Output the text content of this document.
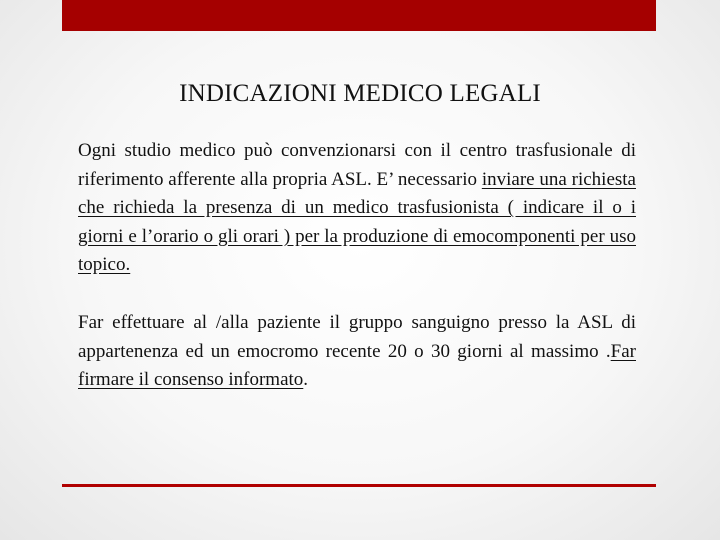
INDICAZIONI MEDICO LEGALI

Ogni studio medico può convenzionarsi con il centro trasfusionale di riferimento afferente alla propria ASL. E’ necessario inviare una richiesta che richieda la presenza di un medico trasfusionista ( indicare il o i giorni e l’orario o gli orari ) per la produzione di emocomponenti per uso topico.

Far effettuare al /alla paziente il gruppo sanguigno presso la ASL di appartenenza ed un emocromo recente 20 o 30 giorni al massimo .Far firmare il consenso informato.
